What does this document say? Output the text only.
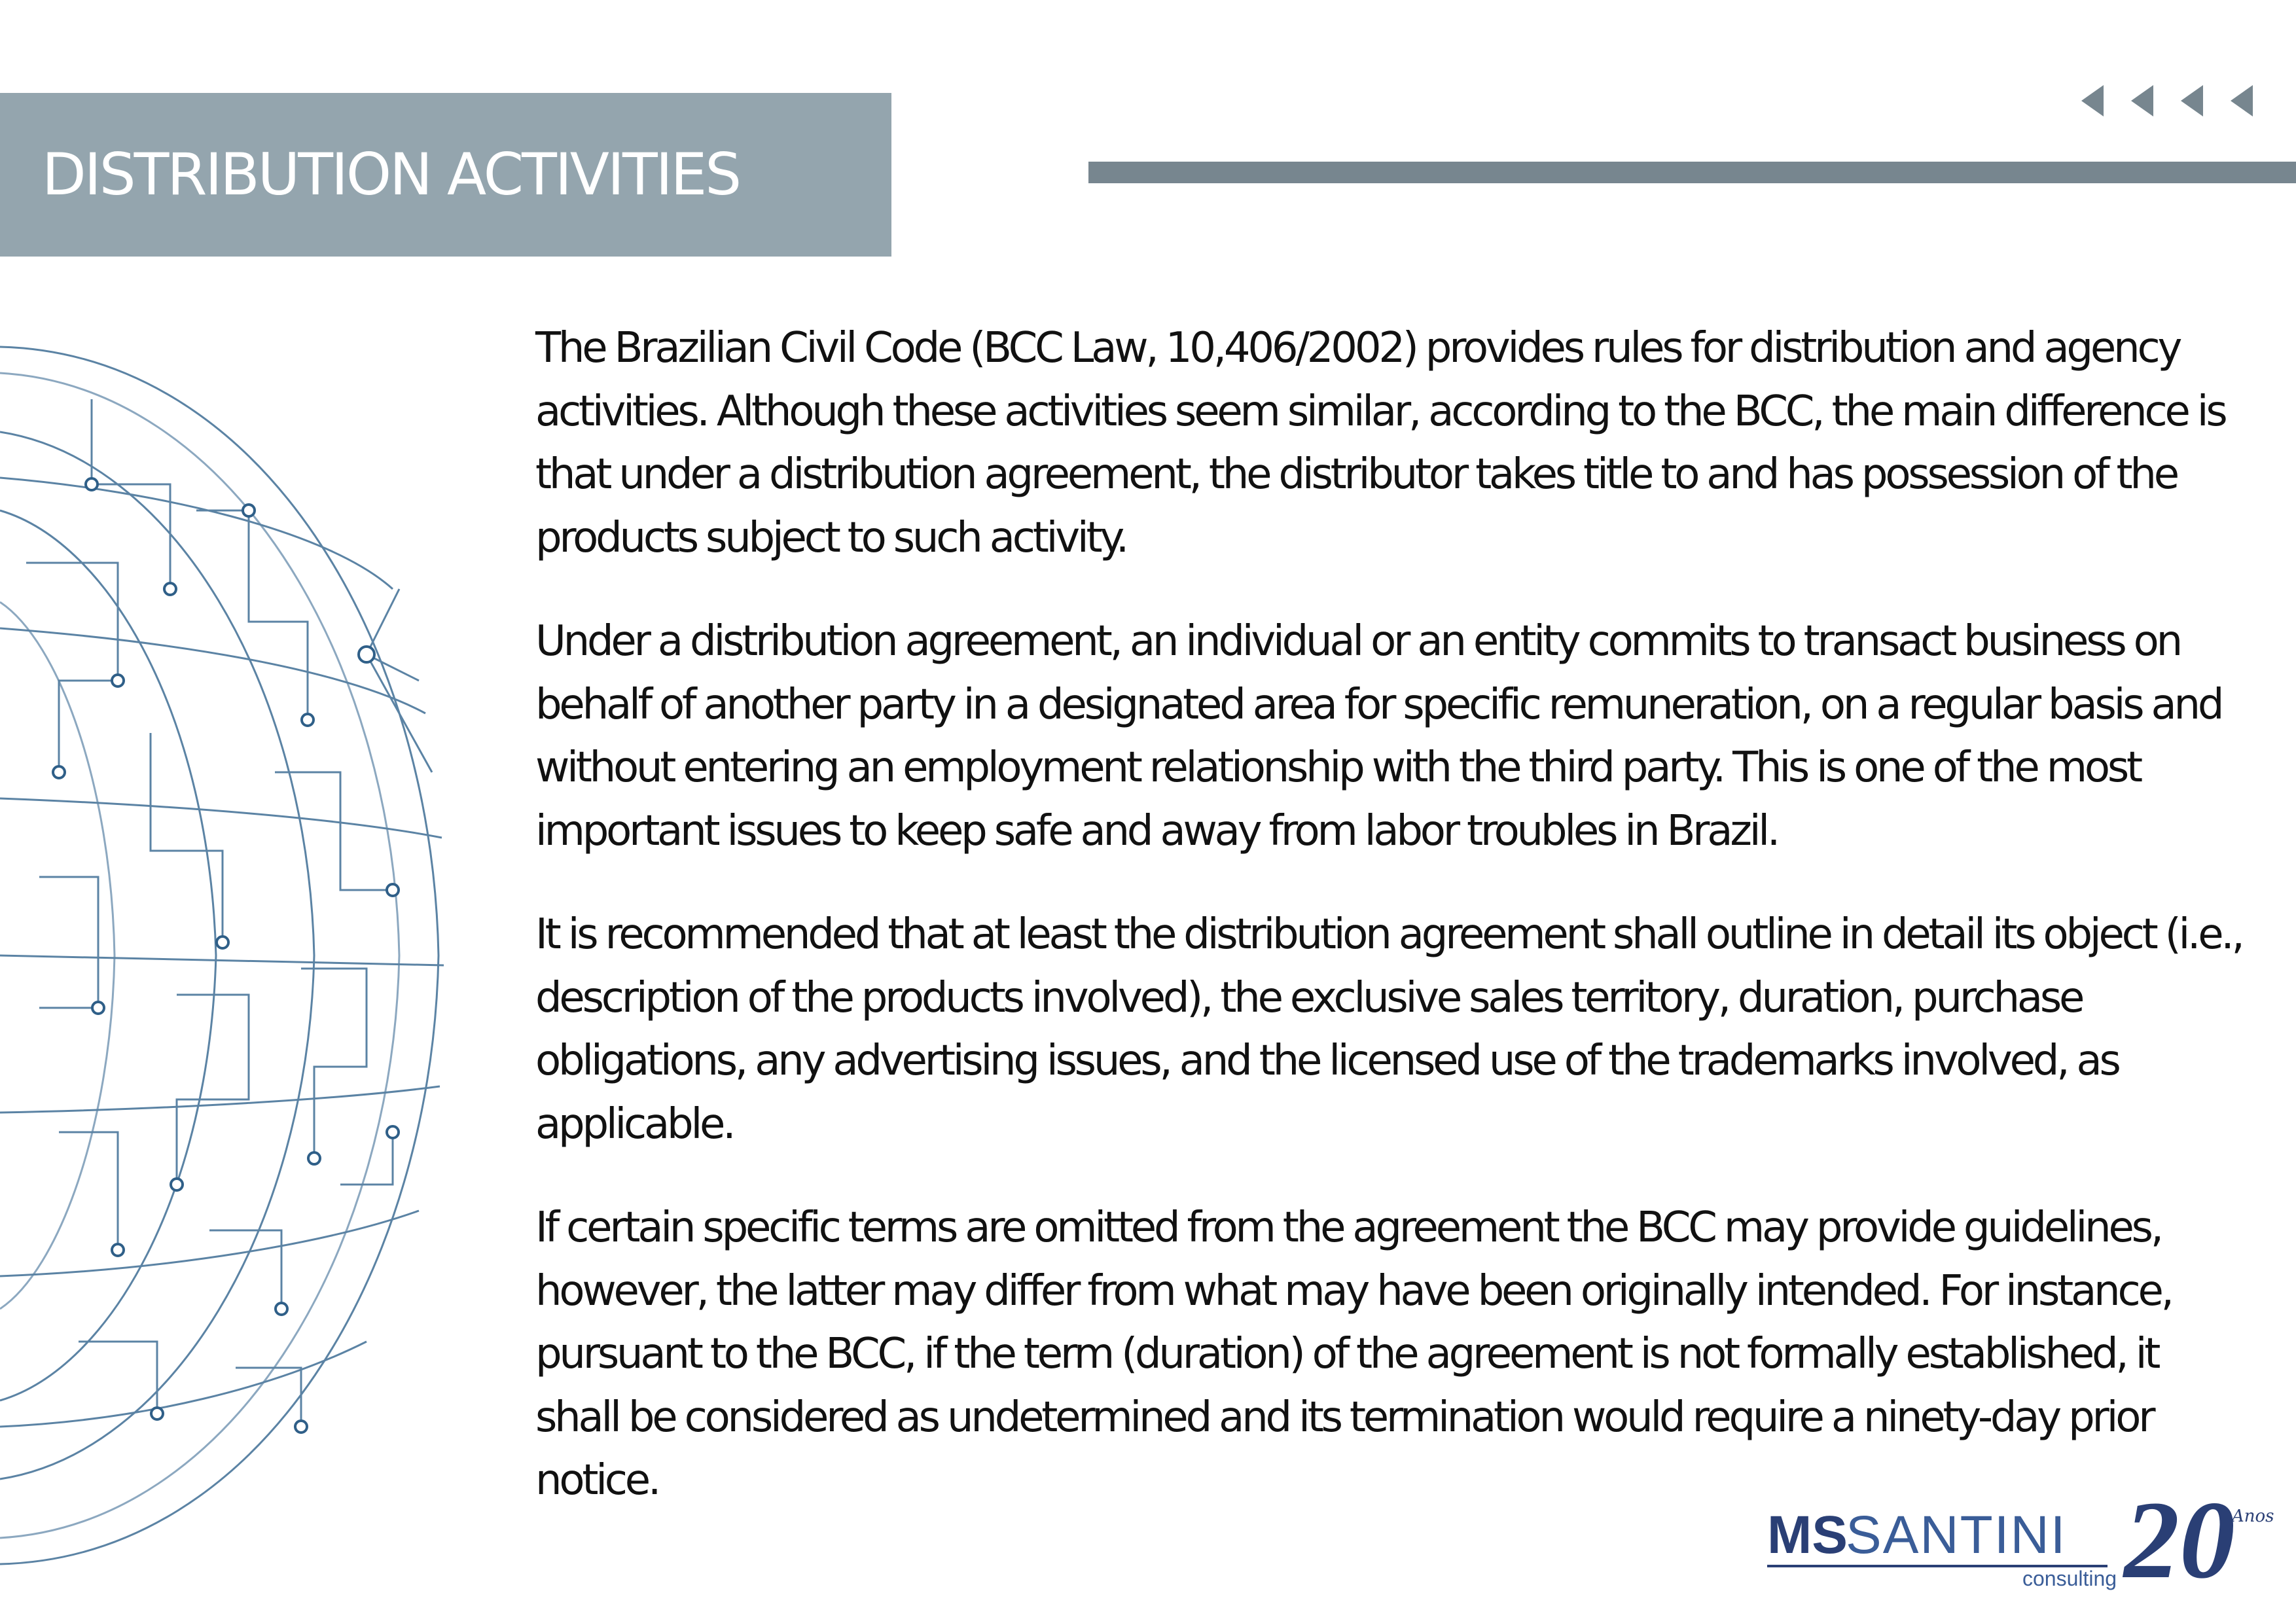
DISTRIBUTION ACTIVITIES

The Brazilian Civil Code (BCC Law, 10,406/2002) provides rules for distribution and agency
activities. Although these activities seem similar, according to the BCC, the main difference is
that under a distribution agreement, the distributor takes title to and has possession of the
products subject to such activity.

Under a distribution agreement, an individual or an entity commits to transact business on
behalf of another party in a designated area for specific remuneration, on a regular basis and
without entering an employment relationship with the third party. This is one of the most
important issues to keep safe and away from labor troubles in Brazil.

It is recommended that at least the distribution agreement shall outline in detail its object (i.e.,
description of the products involved), the exclusive sales territory, duration, purchase
obligations, any advertising issues, and the licensed use of the trademarks involved, as
applicable.

If certain specific terms are omitted from the agreement the BCC may provide guidelines,
however, the latter may differ from what may have been originally intended. For instance,
pursuant to the BCC, if the term (duration) of the agreement is not formally established, it
shall be considered as undetermined and its termination would require a ninety-day prior
notice.

MS
SANTINI
consulting 20
Anos
